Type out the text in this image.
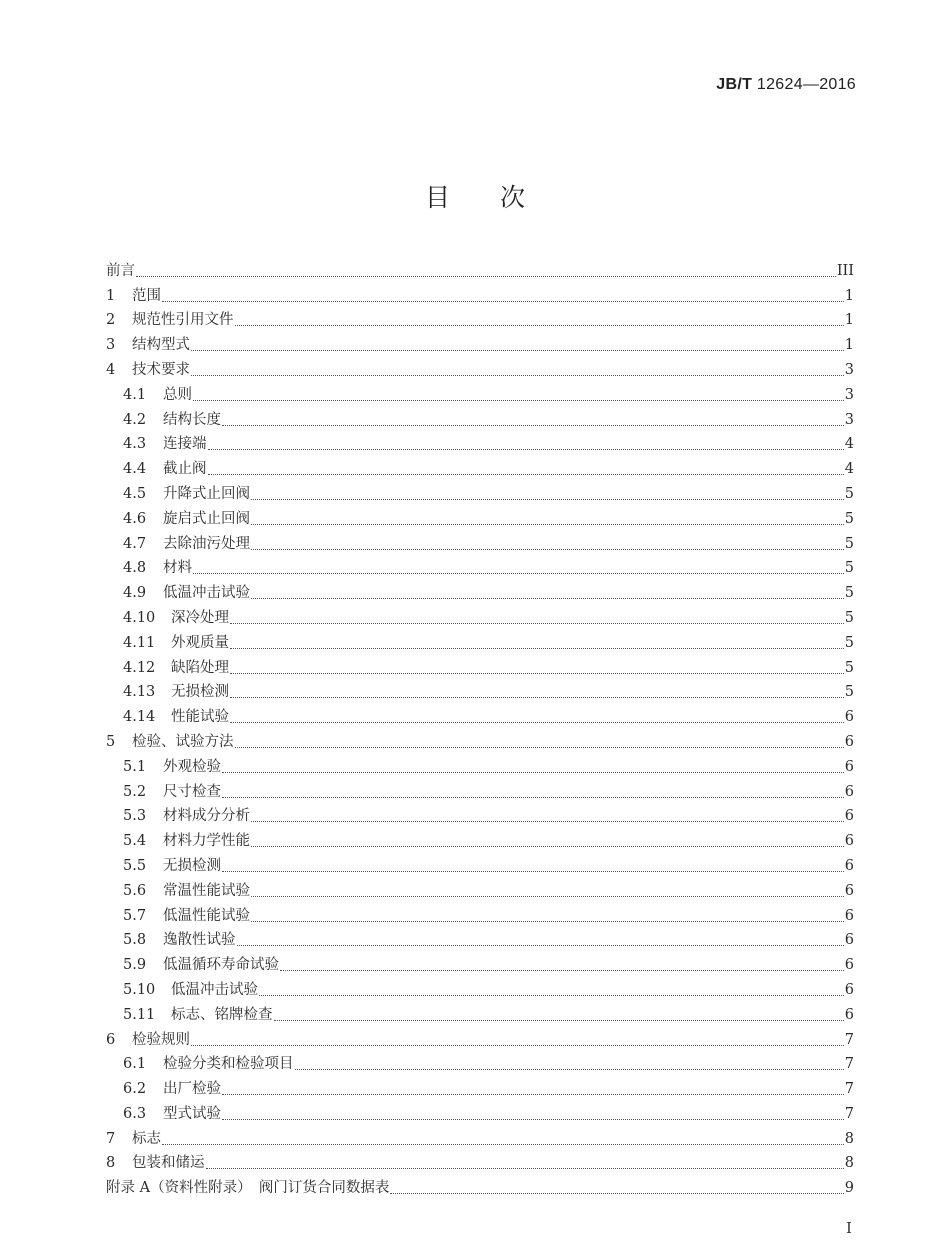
JB/T 12624—2016
目次
前言	III
1	范围	1
2	规范性引用文件	1
3	结构型式	1
4	技术要求	3
4.1	总则	3
4.2	结构长度	3
4.3	连接端	4
4.4	截止阀	4
4.5	升降式止回阀	5
4.6	旋启式止回阀	5
4.7	去除油污处理	5
4.8	材料	5
4.9	低温冲击试验	5
4.10	深冷处理	5
4.11	外观质量	5
4.12	缺陷处理	5
4.13	无损检测	5
4.14	性能试验	6
5	检验、试验方法	6
5.1	外观检验	6
5.2	尺寸检查	6
5.3	材料成分分析	6
5.4	材料力学性能	6
5.5	无损检测	6
5.6	常温性能试验	6
5.7	低温性能试验	6
5.8	逸散性试验	6
5.9	低温循环寿命试验	6
5.10	低温冲击试验	6
5.11	标志、铭牌检查	6
6	检验规则	7
6.1	检验分类和检验项目	7
6.2	出厂检验	7
6.3	型式试验	7
7	标志	8
8	包装和储运	8
附录 A（资料性附录）　阀门订货合同数据表	9
I
